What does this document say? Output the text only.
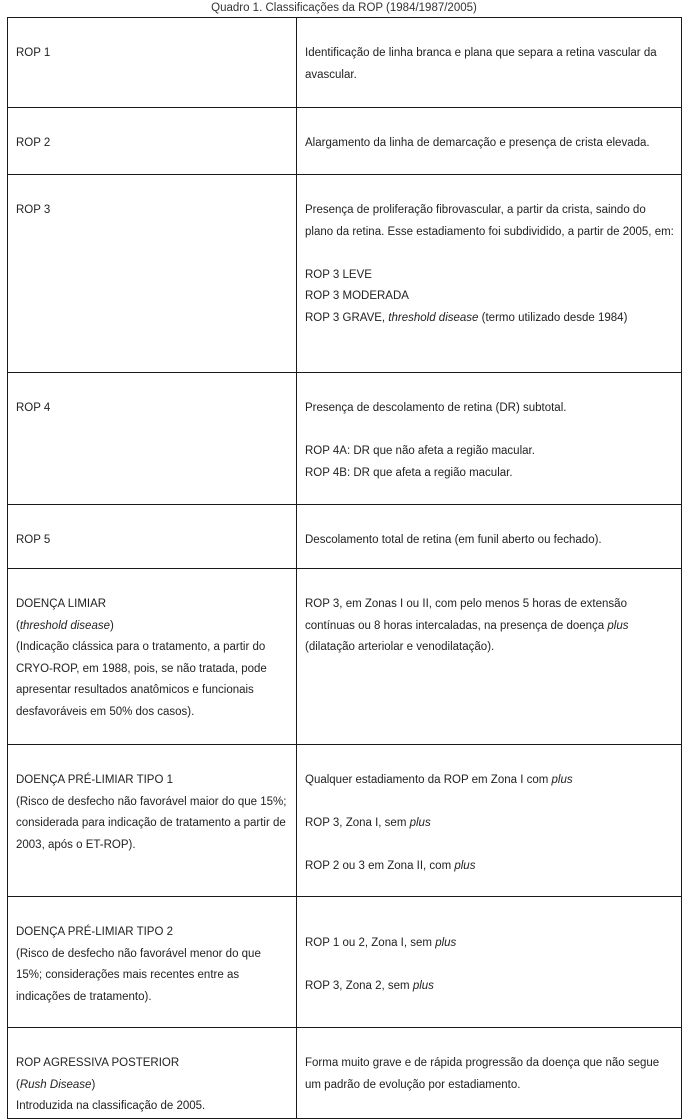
Quadro 1. Classificações da ROP (1984/1987/2005)
ROP 1	Identificação de linha branca e plana que separa a retina vascular da avascular.

ROP 2	Alargamento da linha de demarcação e presença de crista elevada.

ROP 3	Presença de proliferação fibrovascular, a partir da crista, saindo do plano da retina. Esse estadiamento foi subdividido, a partir de 2005, em:
ROP 3 LEVE
ROP 3 MODERADA
ROP 3 GRAVE, threshold disease (termo utilizado desde 1984)

ROP 4	Presença de descolamento de retina (DR) subtotal.
ROP 4A: DR que não afeta a região macular.
ROP 4B: DR que afeta a região macular.

ROP 5	Descolamento total de retina (em funil aberto ou fechado).

DOENÇA LIMIAR
(threshold disease)
(Indicação clássica para o tratamento, a partir do CRYO-ROP, em 1988, pois, se não tratada, pode apresentar resultados anatômicos e funcionais desfavoráveis em 50% dos casos).	ROP 3, em Zonas I ou II, com pelo menos 5 horas de extensão contínuas ou 8 horas intercaladas, na presença de doença plus (dilatação arteriolar e venodilatação).

DOENÇA PRÉ-LIMIAR TIPO 1
(Risco de desfecho não favorável maior do que 15%; considerada para indicação de tratamento a partir de 2003, após o ET-ROP).	Qualquer estadiamento da ROP em Zona I com plus
ROP 3, Zona I, sem plus
ROP 2 ou 3 em Zona II, com plus

DOENÇA PRÉ-LIMIAR TIPO 2
(Risco de desfecho não favorável menor do que 15%; considerações mais recentes entre as indicações de tratamento).	ROP 1 ou 2, Zona I, sem plus
ROP 3, Zona 2, sem plus

ROP AGRESSIVA POSTERIOR
(Rush Disease)
Introduzida na classificação de 2005.	Forma muito grave e de rápida progressão da doença que não segue um padrão de evolução por estadiamento.
